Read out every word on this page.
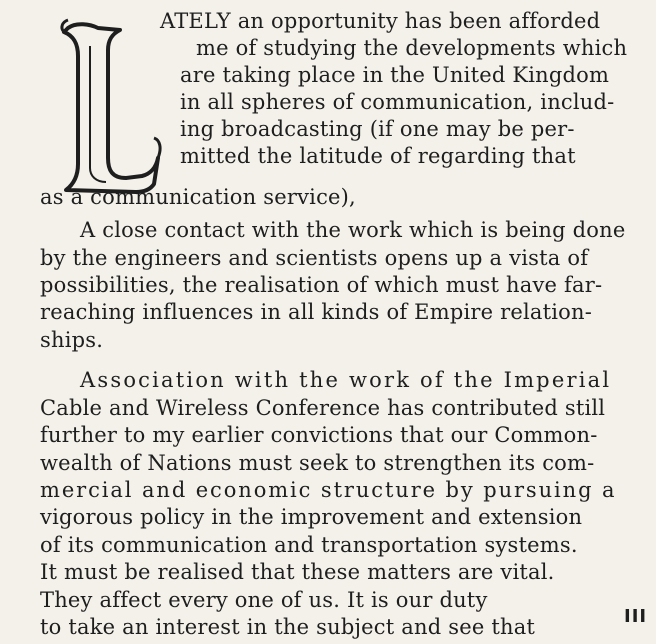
ATELY an opportunity has been afforded
me of studying the developments which
are taking place in the United Kingdom
in all spheres of communication, includ-
ing broadcasting (if one may be per-
mitted the latitude of regarding that
as a communication service),
A close contact with the work which is being done
by the engineers and scientists opens up a vista of
possibilities, the realisation of which must have far-
reaching influences in all kinds of Empire relation-
ships.
Association with the work of the Imperial
Cable and Wireless Conference has contributed still
further to my earlier convictions that our Common-
wealth of Nations must seek to strengthen its com-
mercial and economic structure by pursuing a
vigorous policy in the improvement and extension
of its communication and transportation systems.
It must be realised that these matters are vital.
They affect every one of us. It is our duty
to take an interest in the subject and see that	III
